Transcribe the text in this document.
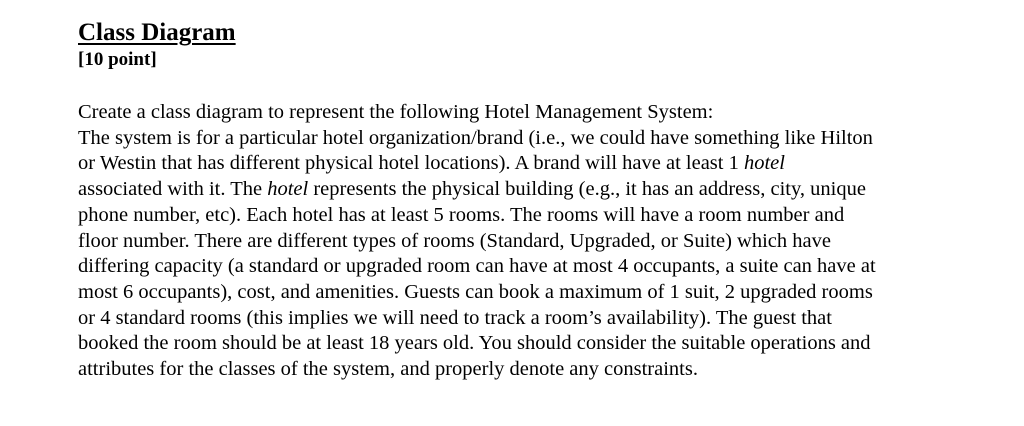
Class Diagram
[10 point]
Create a class diagram to represent the following Hotel Management System:
The system is for a particular hotel organization/brand (i.e., we could have something like Hilton
or Westin that has different physical hotel locations). A brand will have at least 1 hotel
associated with it. The hotel represents the physical building (e.g., it has an address, city, unique
phone number, etc). Each hotel has at least 5 rooms. The rooms will have a room number and
floor number. There are different types of rooms (Standard, Upgraded, or Suite) which have
differing capacity (a standard or upgraded room can have at most 4 occupants, a suite can have at
most 6 occupants), cost, and amenities. Guests can book a maximum of 1 suit, 2 upgraded rooms
or 4 standard rooms (this implies we will need to track a room’s availability). The guest that
booked the room should be at least 18 years old. You should consider the suitable operations and
attributes for the classes of the system, and properly denote any constraints.
